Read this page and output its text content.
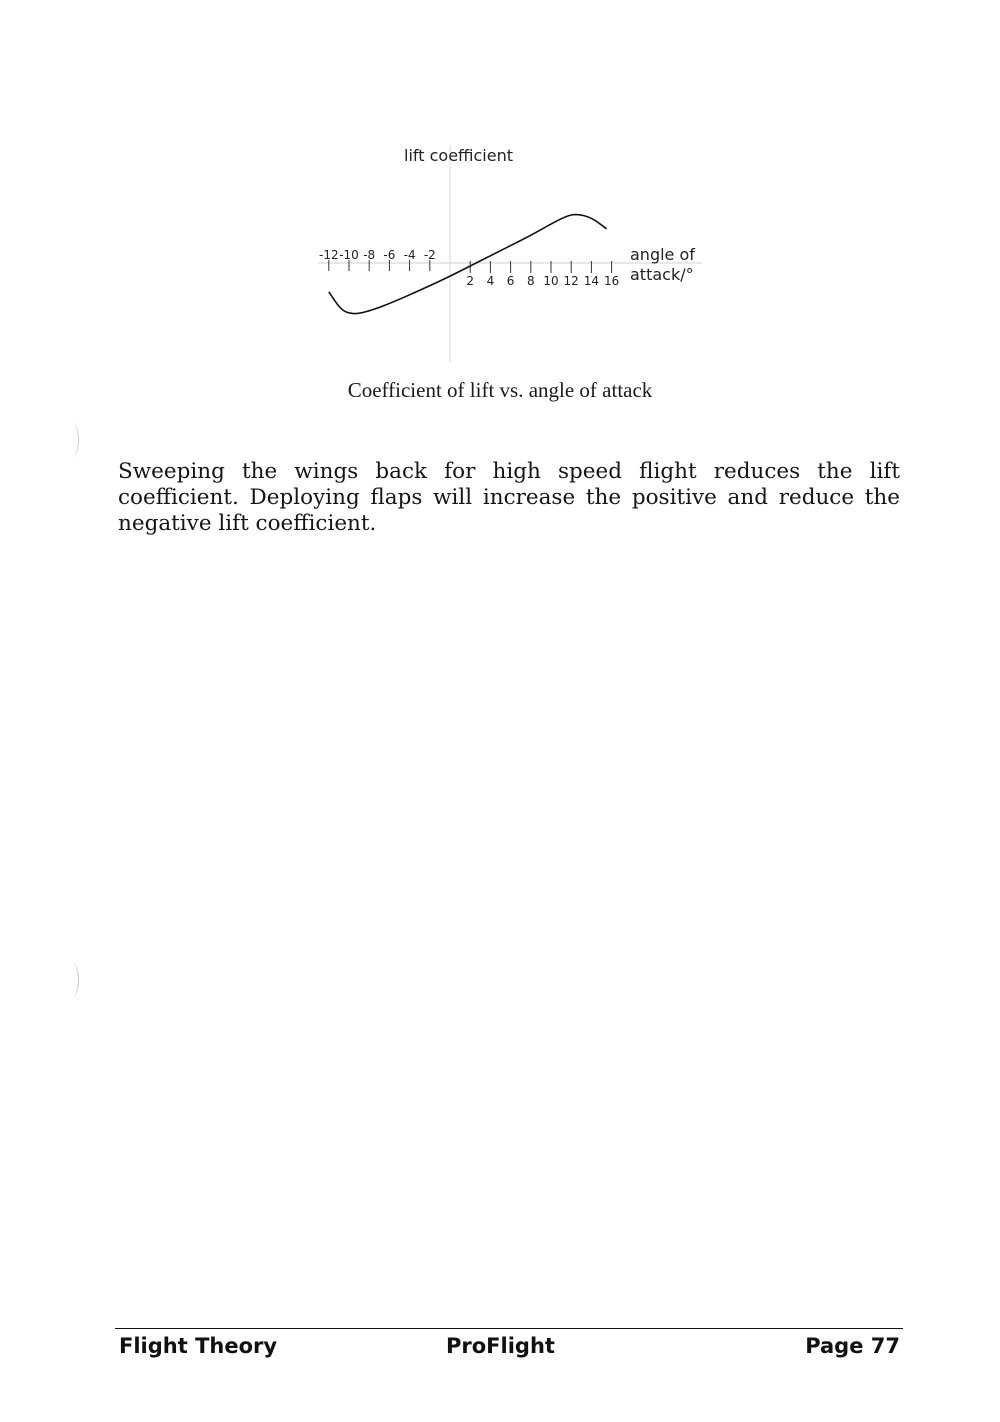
-12 -10 -8 -6 -4 -2
2 4 6 8 10 12 14 16
lift coefficient
angle of
attack/°
Coefficient of lift vs. angle of attack

Sweeping the wings back for high speed flight reduces the lift coefficient. Deploying flaps will increase the positive and reduce the negative lift coefficient.

Flight Theory	ProFlight	Page 77
